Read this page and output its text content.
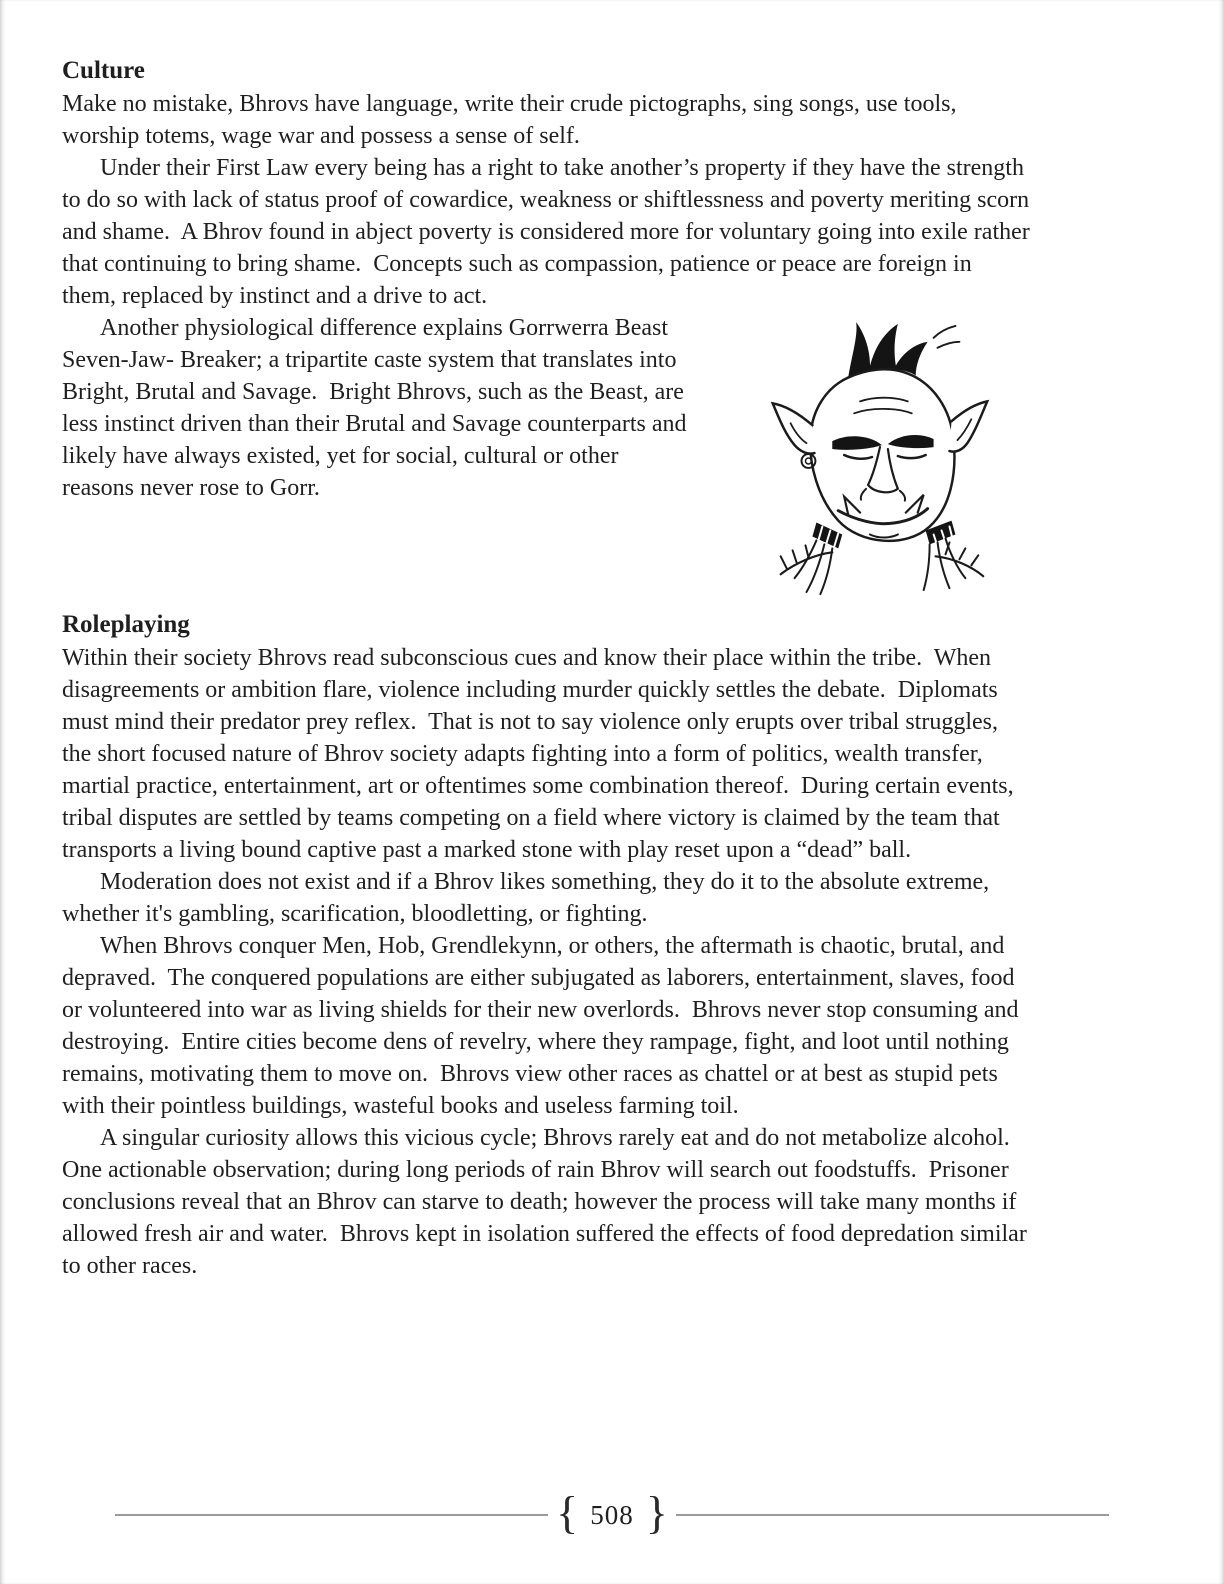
Culture

Make no mistake, Bhrovs have language, write their crude pictographs, sing songs, use tools, worship totems, wage war and possess a sense of self.

Under their First Law every being has a right to take another’s property if they have the strength to do so with lack of status proof of cowardice, weakness or shiftlessness and poverty meriting scorn and shame.  A Bhrov found in abject poverty is considered more for voluntary going into exile rather that continuing to bring shame.  Concepts such as compassion, patience or peace are foreign in them, replaced by instinct and a drive to act.

Another physiological difference explains Gorrwerra Beast Seven-Jaw- Breaker; a tripartite caste system that translates into Bright, Brutal and Savage.  Bright Bhrovs, such as the Beast, are less instinct driven than their Brutal and Savage counterparts and likely have always existed, yet for social, cultural or other reasons never rose to Gorr.

Roleplaying

Within their society Bhrovs read subconscious cues and know their place within the tribe.  When disagreements or ambition flare, violence including murder quickly settles the debate.  Diplomats must mind their predator prey reflex.  That is not to say violence only erupts over tribal struggles, the short focused nature of Bhrov society adapts fighting into a form of politics, wealth transfer, martial practice, entertainment, art or oftentimes some combination thereof.  During certain events, tribal disputes are settled by teams competing on a field where victory is claimed by the team that transports a living bound captive past a marked stone with play reset upon a “dead” ball.

Moderation does not exist and if a Bhrov likes something, they do it to the absolute extreme, whether it's gambling, scarification, bloodletting, or fighting.

When Bhrovs conquer Men, Hob, Grendlekynn, or others, the aftermath is chaotic, brutal, and depraved.  The conquered populations are either subjugated as laborers, entertainment, slaves, food or volunteered into war as living shields for their new overlords.  Bhrovs never stop consuming and destroying.  Entire cities become dens of revelry, where they rampage, fight, and loot until nothing remains, motivating them to move on.  Bhrovs view other races as chattel or at best as stupid pets with their pointless buildings, wasteful books and useless farming toil.

A singular curiosity allows this vicious cycle; Bhrovs rarely eat and do not metabolize alcohol.  One actionable observation; during long periods of rain Bhrov will search out foodstuffs.  Prisoner conclusions reveal that an Bhrov can starve to death; however the process will take many months if allowed fresh air and water.  Bhrovs kept in isolation suffered the effects of food depredation similar to other races.

{ 508 }
